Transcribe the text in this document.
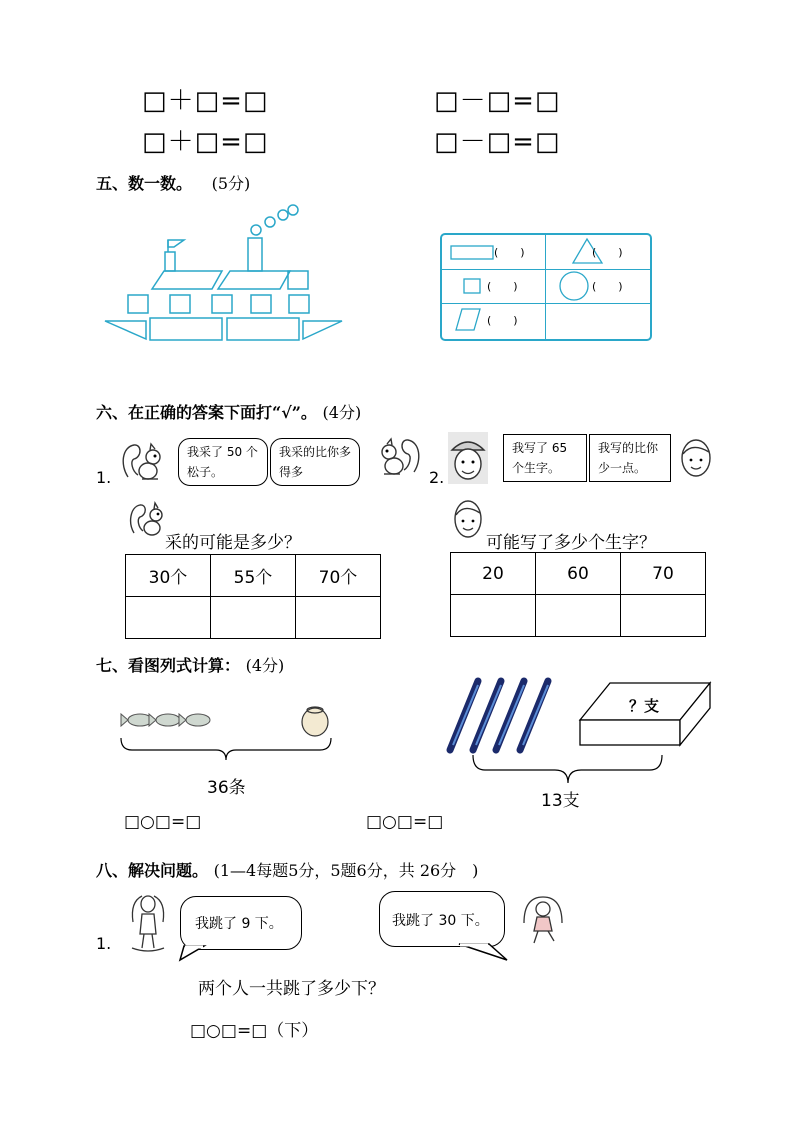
□＋□=□
□＋□=□
□－□=□
□－□=□
五、数一数。 (5分)
(　　)	(　　)
(　　)	(　　)
(　　)
六、在正确的答案下面打“√”。 (4分)
1.
我采了 50 个松子。
我采的比你多得多
采的可能是多少？
30个	55个	70个

2.
我写了 65 个生字。
我写的比你少一点。
可能写了多少个生字？
20	60	70

七、看图列式计算： (4分)
36条
？支
13支
□○□=□	□○□=□
八、解决问题。 (1—4每题5分，5题6分，共 26分　)
1.
我跳了 9 下。	我跳了 30 下。
两个人一共跳了多少下？
□○□=□（下）
